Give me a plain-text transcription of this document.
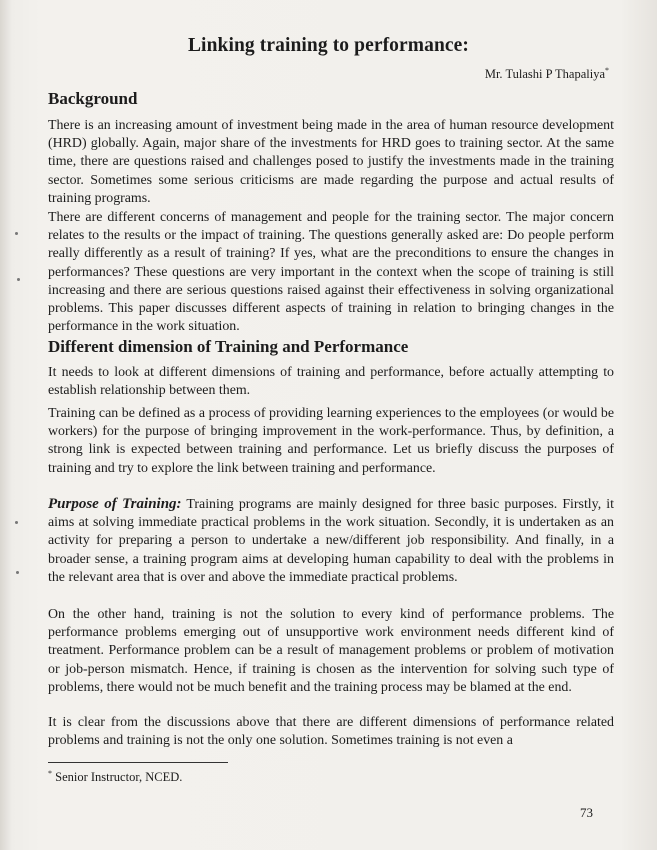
Linking training to performance:
Mr. Tulashi P Thapaliya*
Background
There is an increasing amount of investment being made in the area of human resource development (HRD) globally. Again, major share of the investments for HRD goes to training sector. At the same time, there are questions raised and challenges posed to justify the investments made in the training sector. Sometimes some serious criticisms are made regarding the purpose and actual results of training programs.
There are different concerns of management and people for the training sector. The major concern relates to the results or the impact of training. The questions generally asked are: Do people perform really differently as a result of training? If yes, what are the preconditions to ensure the changes in performances? These questions are very important in the context when the scope of training is still increasing and there are serious questions raised against their effectiveness in solving organizational problems. This paper discusses different aspects of training in relation to bringing changes in the performance in the work situation.
Different dimension of Training and Performance
It needs to look at different dimensions of training and performance, before actually attempting to establish relationship between them.
Training can be defined as a process of providing learning experiences to the employees (or would be workers) for the purpose of bringing improvement in the work-performance. Thus, by definition, a strong link is expected between training and performance. Let us briefly discuss the purposes of training and try to explore the link between training and performance.
Purpose of Training: Training programs are mainly designed for three basic purposes. Firstly, it aims at solving immediate practical problems in the work situation. Secondly, it is undertaken as an activity for preparing a person to undertake a new/different job responsibility. And finally, in a broader sense, a training program aims at developing human capability to deal with the problems in the relevant area that is over and above the immediate practical problems.
On the other hand, training is not the solution to every kind of performance problems. The performance problems emerging out of unsupportive work environment needs different kind of treatment. Performance problem can be a result of management problems or problem of motivation or job-person mismatch. Hence, if training is chosen as the intervention for solving such type of problems, there would not be much benefit and the training process may be blamed at the end.
It is clear from the discussions above that there are different dimensions of performance related problems and training is not the only one solution. Sometimes training is not even a
* Senior Instructor, NCED.
73
